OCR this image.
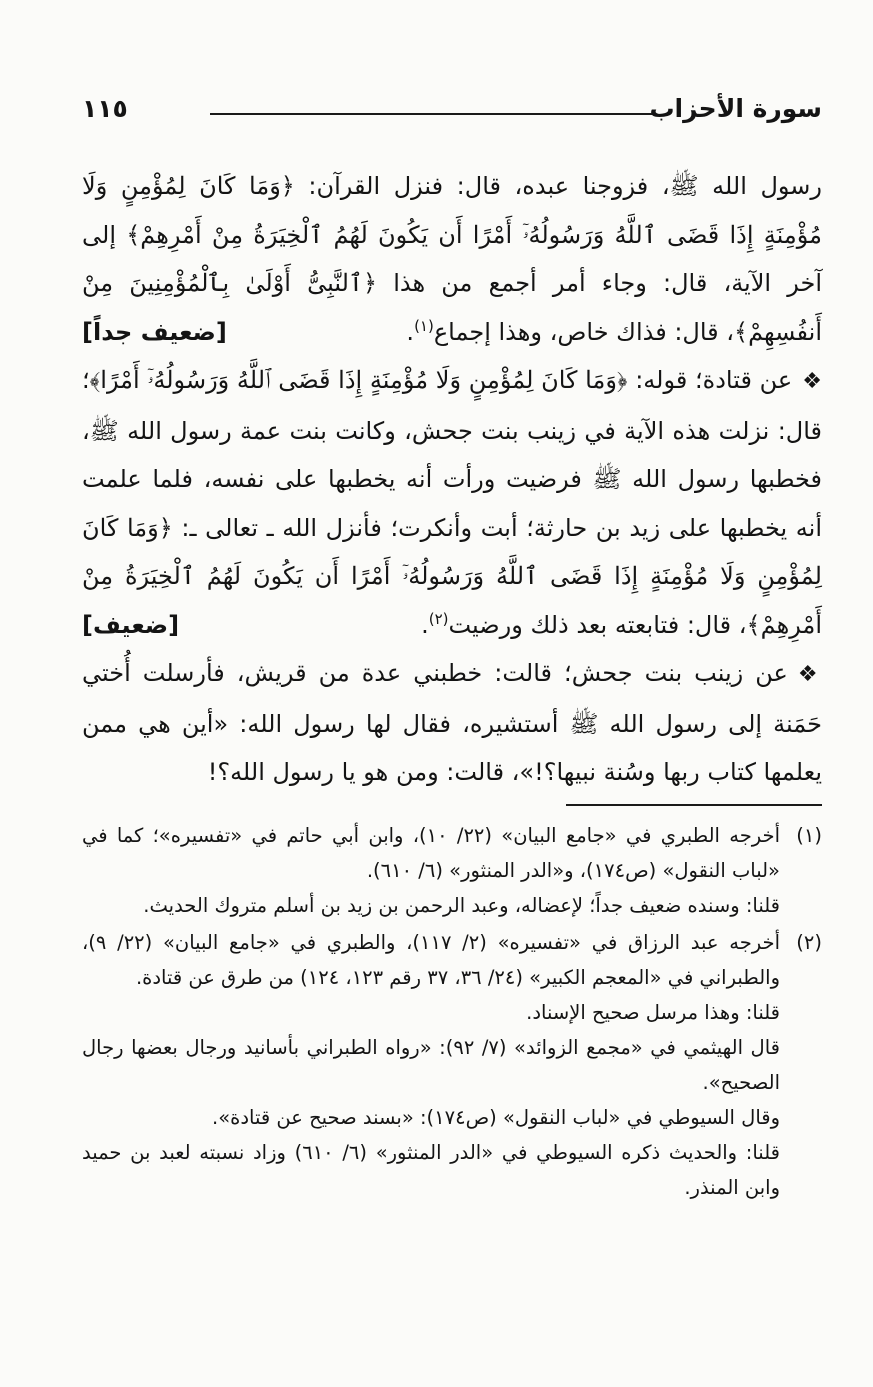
سورة الأحزاب
١١٥

رسول الله ﷺ، فزوجنا عبده، قال: فنزل القرآن: ﴿وَمَا كَانَ لِمُؤْمِنٍ وَلَا مُؤْمِنَةٍ إِذَا قَضَى ٱللَّهُ وَرَسُولُهُۥٓ أَمْرًا أَن يَكُونَ لَهُمُ ٱلْخِيَرَةُ مِنْ أَمْرِهِمْ﴾ إلى آخر الآية، قال: وجاء أمر أجمع من هذا ﴿ٱلنَّبِىُّ أَوْلَىٰ بِٱلْمُؤْمِنِينَ مِنْ أَنفُسِهِمْ﴾، قال: فذاك خاص، وهذا إجماع$^{(١)}$.
[ضعيف جداً]

❖عن قتادة؛ قوله: ﴿وَمَا كَانَ لِمُؤْمِنٍ وَلَا مُؤْمِنَةٍ إِذَا قَضَى ٱللَّهُ وَرَسُولُهُۥٓ أَمْرًا﴾؛ قال: نزلت هذه الآية في زينب بنت جحش، وكانت بنت عمة رسول الله ﷺ، فخطبها رسول الله ﷺ فرضيت ورأت أنه يخطبها على نفسه، فلما علمت أنه يخطبها على زيد بن حارثة؛ أبت وأنكرت؛ فأنزل الله ـ تعالى ـ: ﴿وَمَا كَانَ لِمُؤْمِنٍ وَلَا مُؤْمِنَةٍ إِذَا قَضَى ٱللَّهُ وَرَسُولُهُۥٓ أَمْرًا أَن يَكُونَ لَهُمُ ٱلْخِيَرَةُ مِنْ أَمْرِهِمْ﴾، قال: فتابعته بعد ذلك ورضيت$^{(٢)}$.
[ضعيف]

❖عن زينب بنت جحش؛ قالت: خطبني عدة من قريش، فأرسلت أُختي حَمَنة إلى رسول الله ﷺ أستشيره، فقال لها رسول الله: «أين هي ممن يعلمها كتاب ربها وسُنة نبيها؟!»، قالت: ومن هو يا رسول الله؟!

(١)

أخرجه الطبري في «جامع البيان» (٢٢/ ١٠)، وابن أبي حاتم في «تفسيره»؛ كما في «لباب النقول» (ص١٧٤)، و«الدر المنثور» (٦/ ٦١٠).

قلنا: وسنده ضعيف جداً؛ لإعضاله، وعبد الرحمن بن زيد بن أسلم متروك الحديث.

(٢)

أخرجه عبد الرزاق في «تفسيره» (٢/ ١١٧)، والطبري في «جامع البيان» (٢٢/ ٩)، والطبراني في «المعجم الكبير» (٢٤/ ٣٦، ٣٧ رقم ١٢٣، ١٢٤) من طرق عن قتادة.

قلنا: وهذا مرسل صحيح الإسناد.

قال الهيثمي في «مجمع الزوائد» (٧/ ٩٢): «رواه الطبراني بأسانيد ورجال بعضها رجال الصحيح».

وقال السيوطي في «لباب النقول» (ص١٧٤): «بسند صحيح عن قتادة».

قلنا: والحديث ذكره السيوطي في «الدر المنثور» (٦/ ٦١٠) وزاد نسبته لعبد بن حميد وابن المنذر.
